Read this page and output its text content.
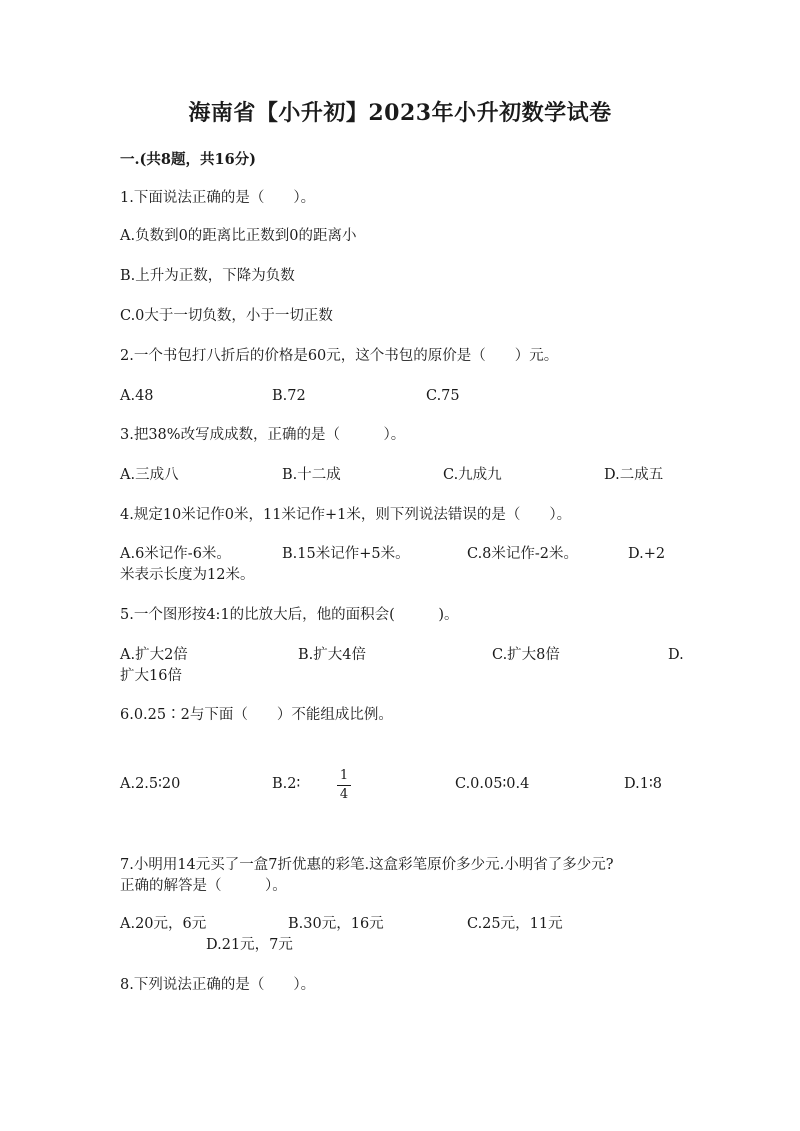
海南省【小升初】2023年小升初数学试卷
一.(共8题，共16分)
1.下面说法正确的是（　　）。
A.负数到0的距离比正数到0的距离小
B.上升为正数，下降为负数
C.0大于一切负数，小于一切正数
2.一个书包打八折后的价格是60元，这个书包的原价是（　　）元。
A.48	B.72	C.75
3.把38%改写成成数，正确的是（　　　）。
A.三成八	B.十二成	C.九成九	D.二成五
4.规定10米记作0米，11米记作+1米，则下列说法错误的是（　　）。
A.6米记作-6米。	B.15米记作+5米。	C.8米记作-2米。	D.+2
米表示长度为12米。
5.一个图形按4:1的比放大后，他的面积会(　　　)。
A.扩大2倍	B.扩大4倍	C.扩大8倍	D.
扩大16倍
6.0.25∶2与下面（　　）不能组成比例。
A.2.5∶20	B.2∶
1
4
C.0.05∶0.4	D.1∶8
7.小明用14元买了一盒7折优惠的彩笔.这盒彩笔原价多少元.小明省了多少元?
正确的解答是（　　　）。
A.20元，6元	B.30元，16元	C.25元，11元
D.21元，7元
8.下列说法正确的是（　　）。
